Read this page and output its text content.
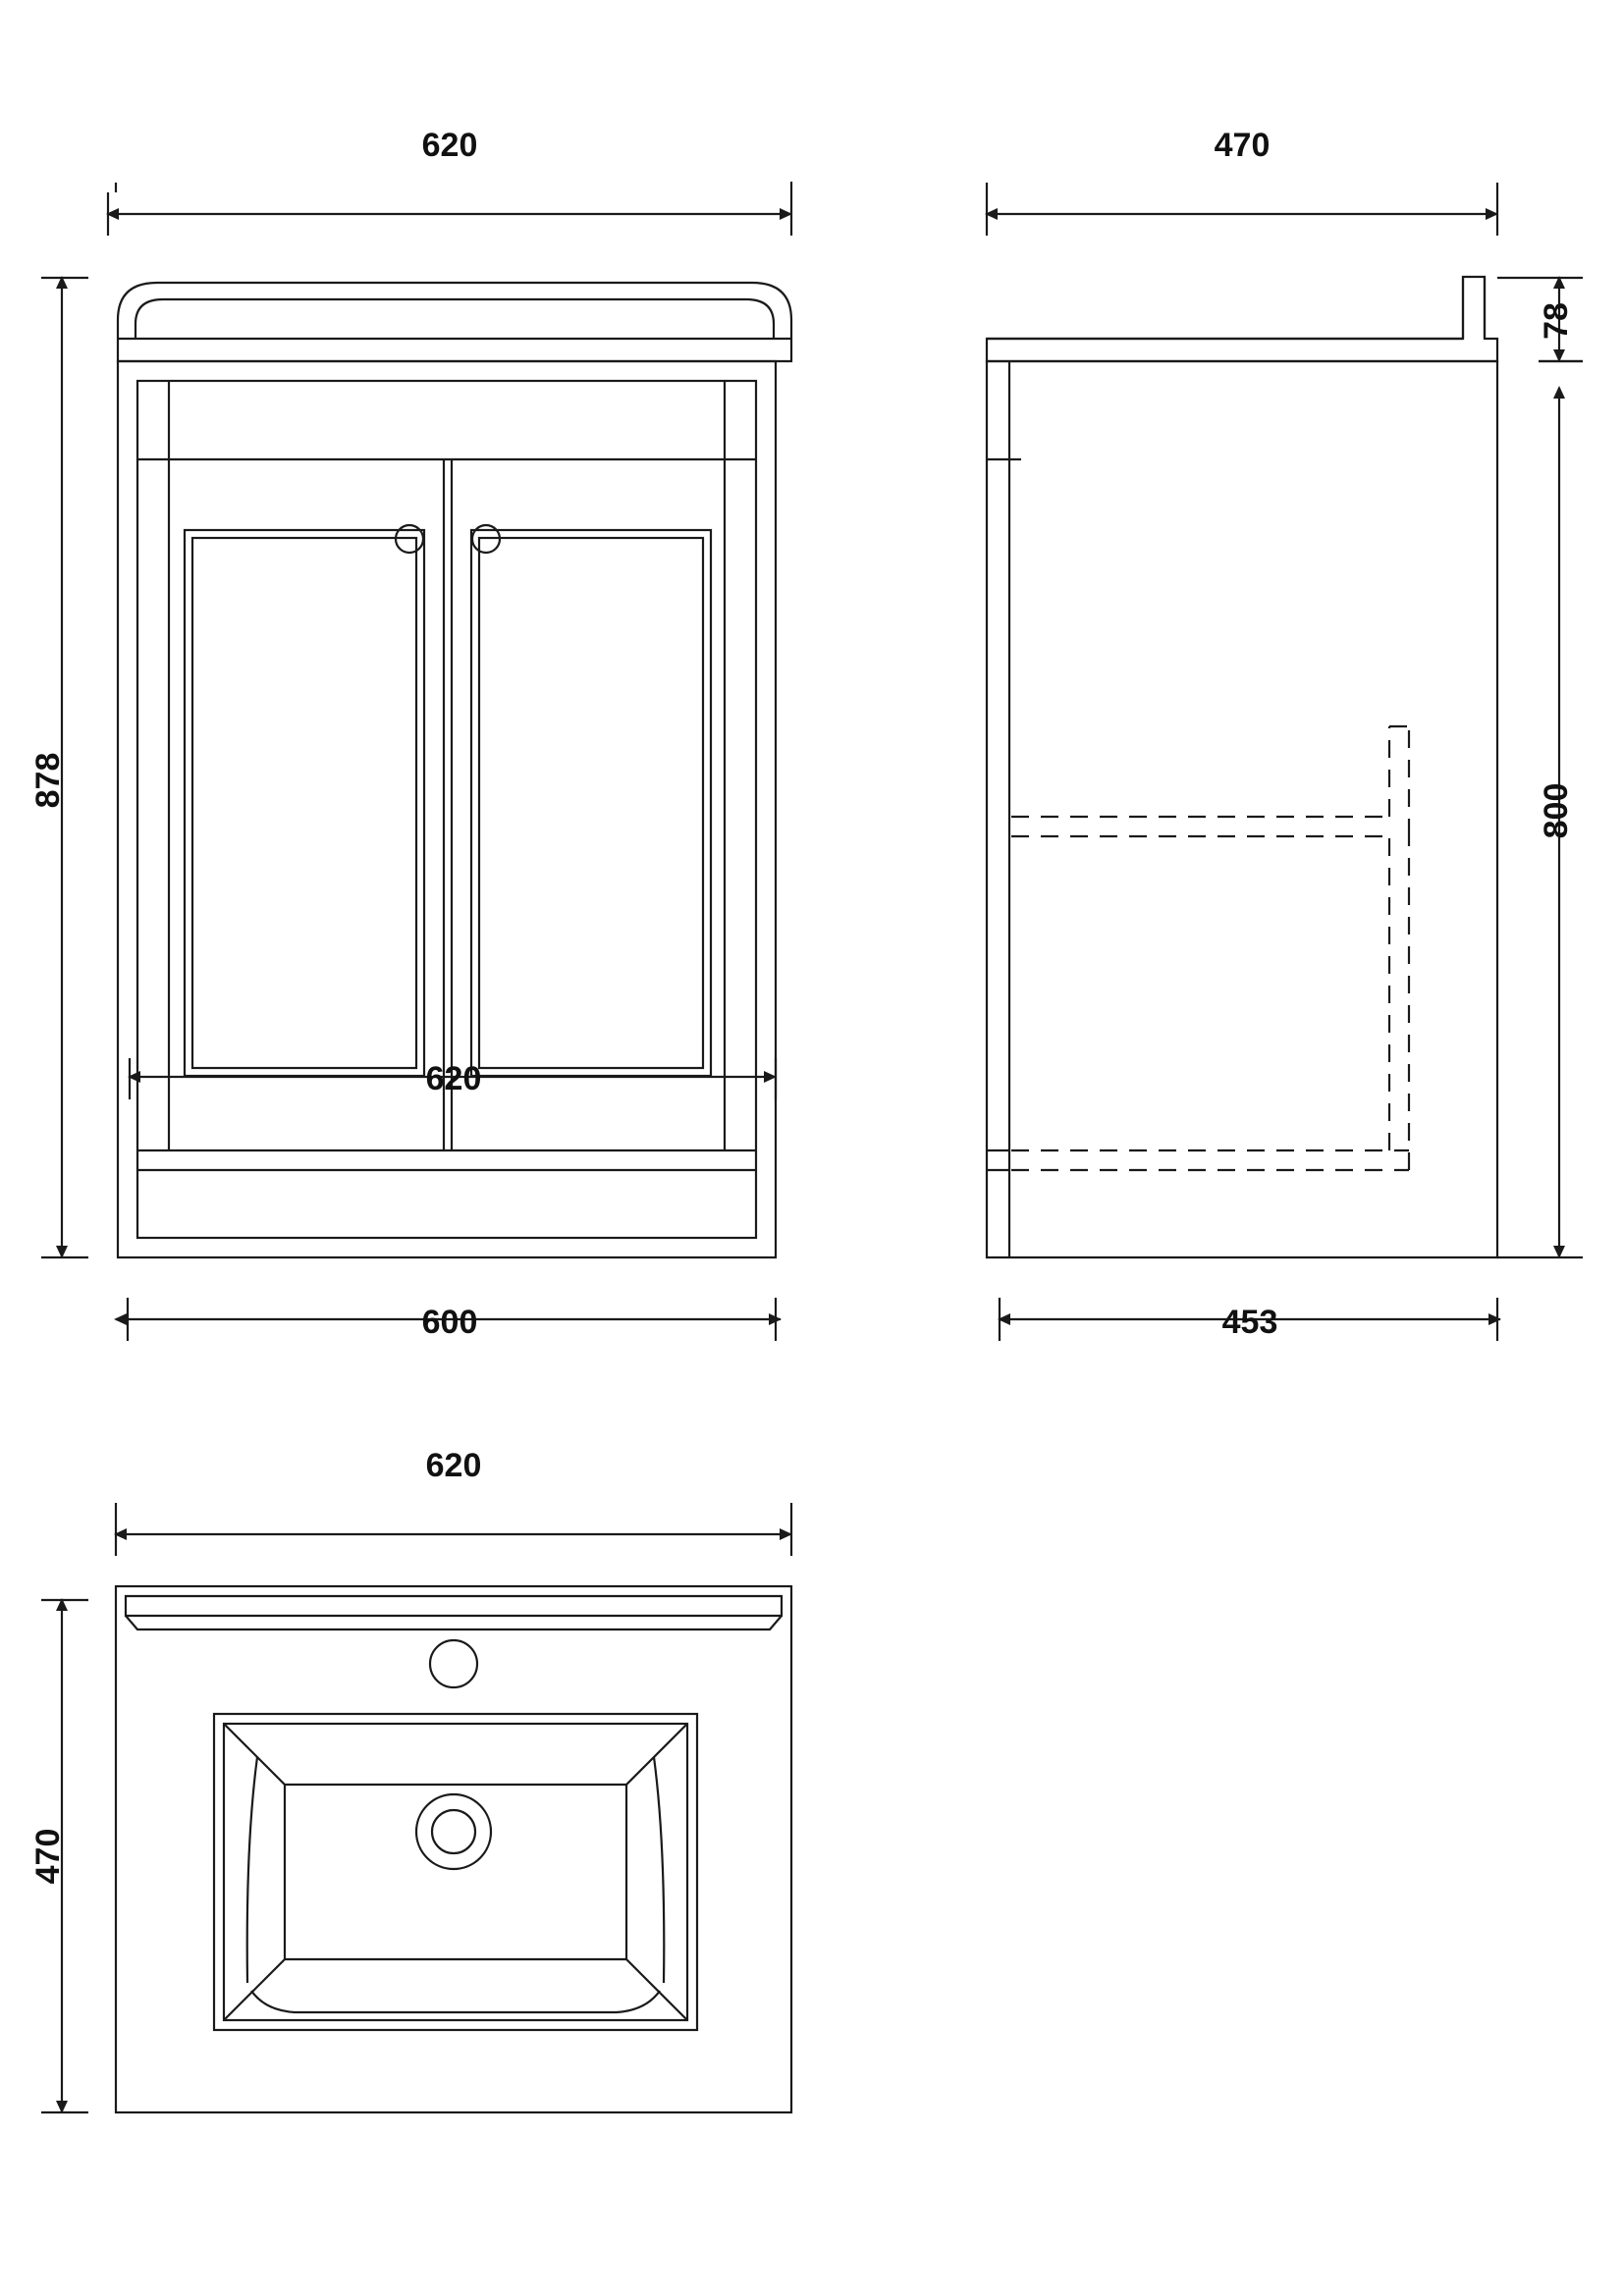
620
878
620
600
470
78
800
453
620
470
